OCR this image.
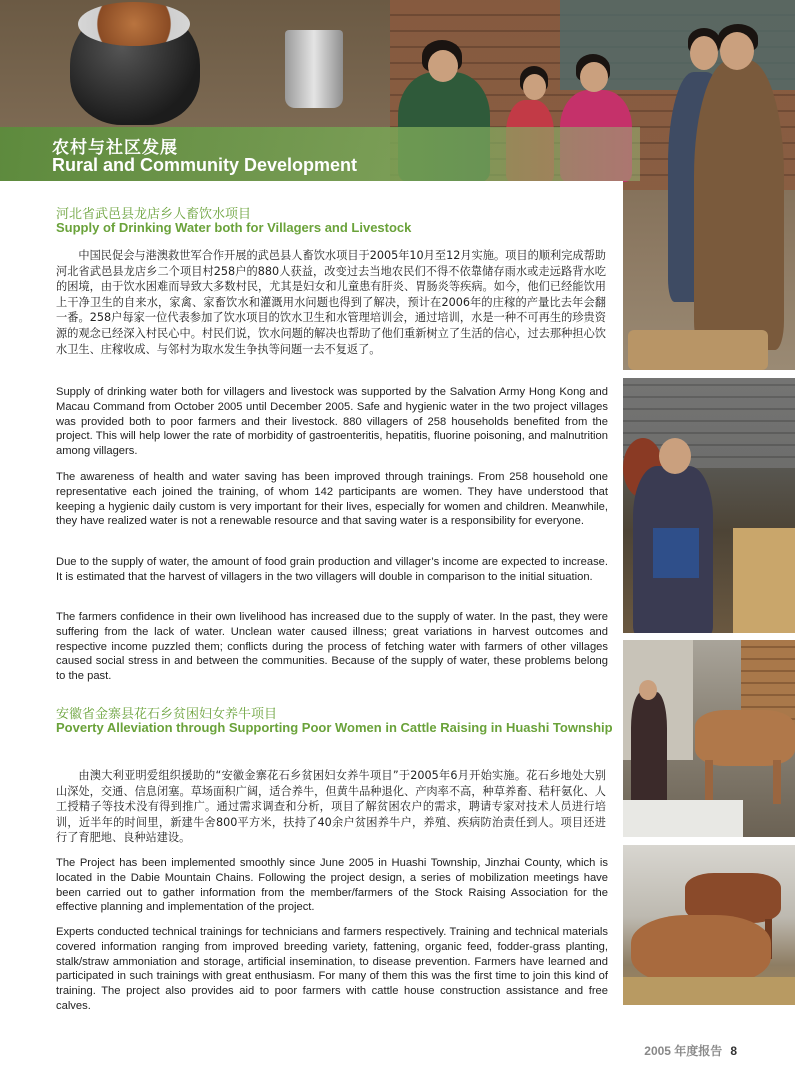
农村与社区发展
Rural and Community Development
河北省武邑县龙店乡人畜饮水项目
Supply of Drinking Water both for Villagers and Livestock
中国民促会与港澳救世军合作开展的武邑县人畜饮水项目于2005年10月至12月实施。项目的顺利完成帮助河北省武邑县龙店乡二个项目村258户的880人获益，改变过去当地农民们不得不依靠储存雨水或走远路背水吃的困境，由于饮水困难而导致大多数村民，尤其是妇女和儿童患有肝炎、胃肠炎等疾病。如今，他们已经能饮用上干净卫生的自来水，家禽、家畜饮水和灌溉用水问题也得到了解决，预计在2006年的庄稼的产量比去年会翻一番。258户每家一位代表参加了饮水项目的饮水卫生和水管理培训会，通过培训，水是一种不可再生的珍贵资源的观念已经深入村民心中。村民们说，饮水问题的解决也帮助了他们重新树立了生活的信心，过去那种担心饮水卫生、庄稼收成、与邻村为取水发生争执等问题一去不复返了。
Supply of drinking water both for villagers and livestock was supported by the Salvation Army Hong Kong and Macau Command from October 2005 until December 2005. Safe and hygienic water in the two project villages was provided both to poor farmers and their livestock. 880 villagers of 258 households benefited from the project. This will help lower the rate of morbidity of gastroenteritis, hepatitis, fluorine poisoning, and malnutrition among villagers.
The awareness of health and water saving has been improved through trainings. From 258 household one representative each joined the training, of whom 142 participants are women. They have understood that keeping a hygienic daily custom is very important for their lives, especially for women and children. Meanwhile, they have realized water is not a renewable resource and that saving water is a responsibility for everyone.
Due to the supply of water, the amount of food grain production and villager’s income are expected to increase. It is estimated that the harvest of villagers in the two villagers will double in comparison to the initial situation.
The farmers confidence in their own livelihood has increased due to the supply of water. In the past, they were suffering from the lack of water. Unclean water caused illness; great variations in harvest outcomes and respective income puzzled them; conflicts during the process of fetching water with farmers of other villages caused social stress in and between the communities. Because of the supply of water, these problems belong to the past.
安徽省金寨县花石乡贫困妇女养牛项目
Poverty Alleviation through Supporting Poor Women in Cattle Raising in Huashi Township
由澳大利亚明爱组织援助的“安徽金寨花石乡贫困妇女养牛项目”于2005年6月开始实施。花石乡地处大别山深处，交通、信息闭塞。草场面积广阔，适合养牛，但黄牛品种退化、产肉率不高，种草养畜、秸秆氨化、人工授精子等技术没有得到推广。通过需求调查和分析，项目了解贫困农户的需求，聘请专家对技术人员进行培训，近半年的时间里，新建牛舍800平方米，扶持了40余户贫困养牛户，养殖、疾病防治责任到人。项目还进行了育肥地、良种站建设。
The Project has been implemented smoothly since June 2005 in Huashi Township, Jinzhai County, which is located in the Dabie Mountain Chains. Following the project design, a series of mobilization meetings have been carried out to gather information from the member/farmers of the Stock Raising Association for the effective planning and implementation of the project.
Experts conducted technical trainings for technicians and farmers respectively. Training and technical materials covered information ranging from improved breeding variety, fattening, organic feed, fodder-grass planting, stalk/straw ammoniation and storage, artificial insemination, to disease prevention. Farmers have learned and participated in such trainings with great enthusiasm. For many of them this was the first time to join this kind of training. The project also provides aid to poor farmers with cattle house construction assistance and free calves.
2005 年度报告 8
